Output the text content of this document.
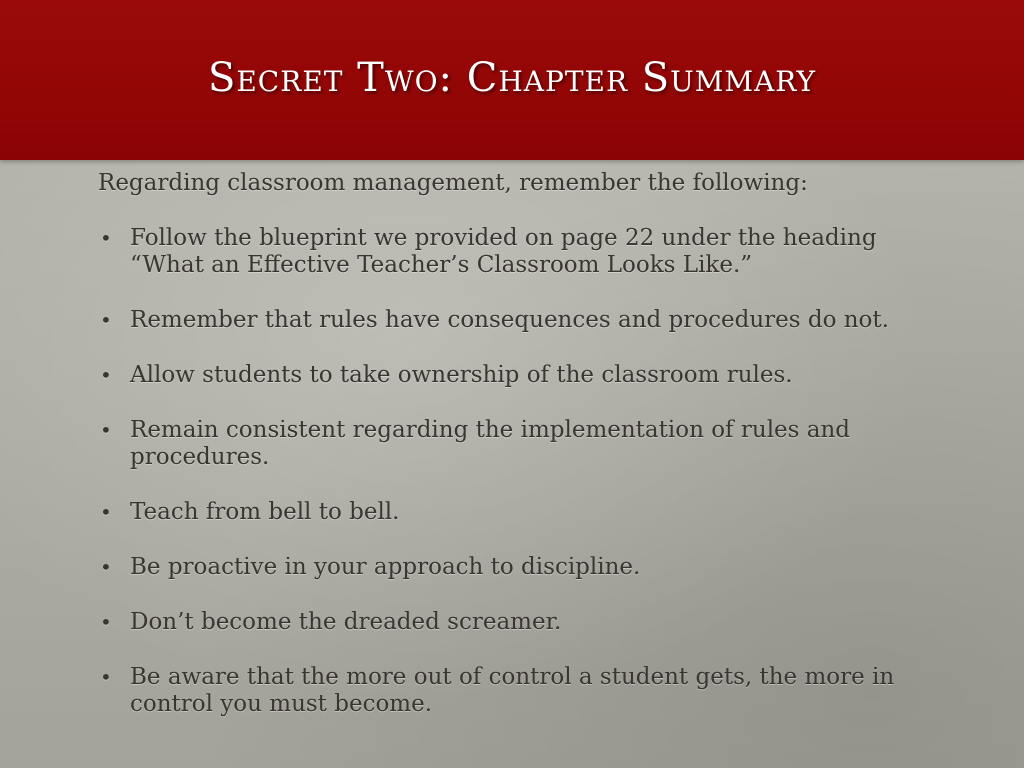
Secret Two: Chapter Summary

Regarding classroom management, remember the following:

• Follow the blueprint we provided on page 22 under the heading “What an Effective Teacher’s Classroom Looks Like.”
• Remember that rules have consequences and procedures do not.
• Allow students to take ownership of the classroom rules.
• Remain consistent regarding the implementation of rules and procedures.
• Teach from bell to bell.
• Be proactive in your approach to discipline.
• Don’t become the dreaded screamer.
• Be aware that the more out of control a student gets, the more in control you must become.
